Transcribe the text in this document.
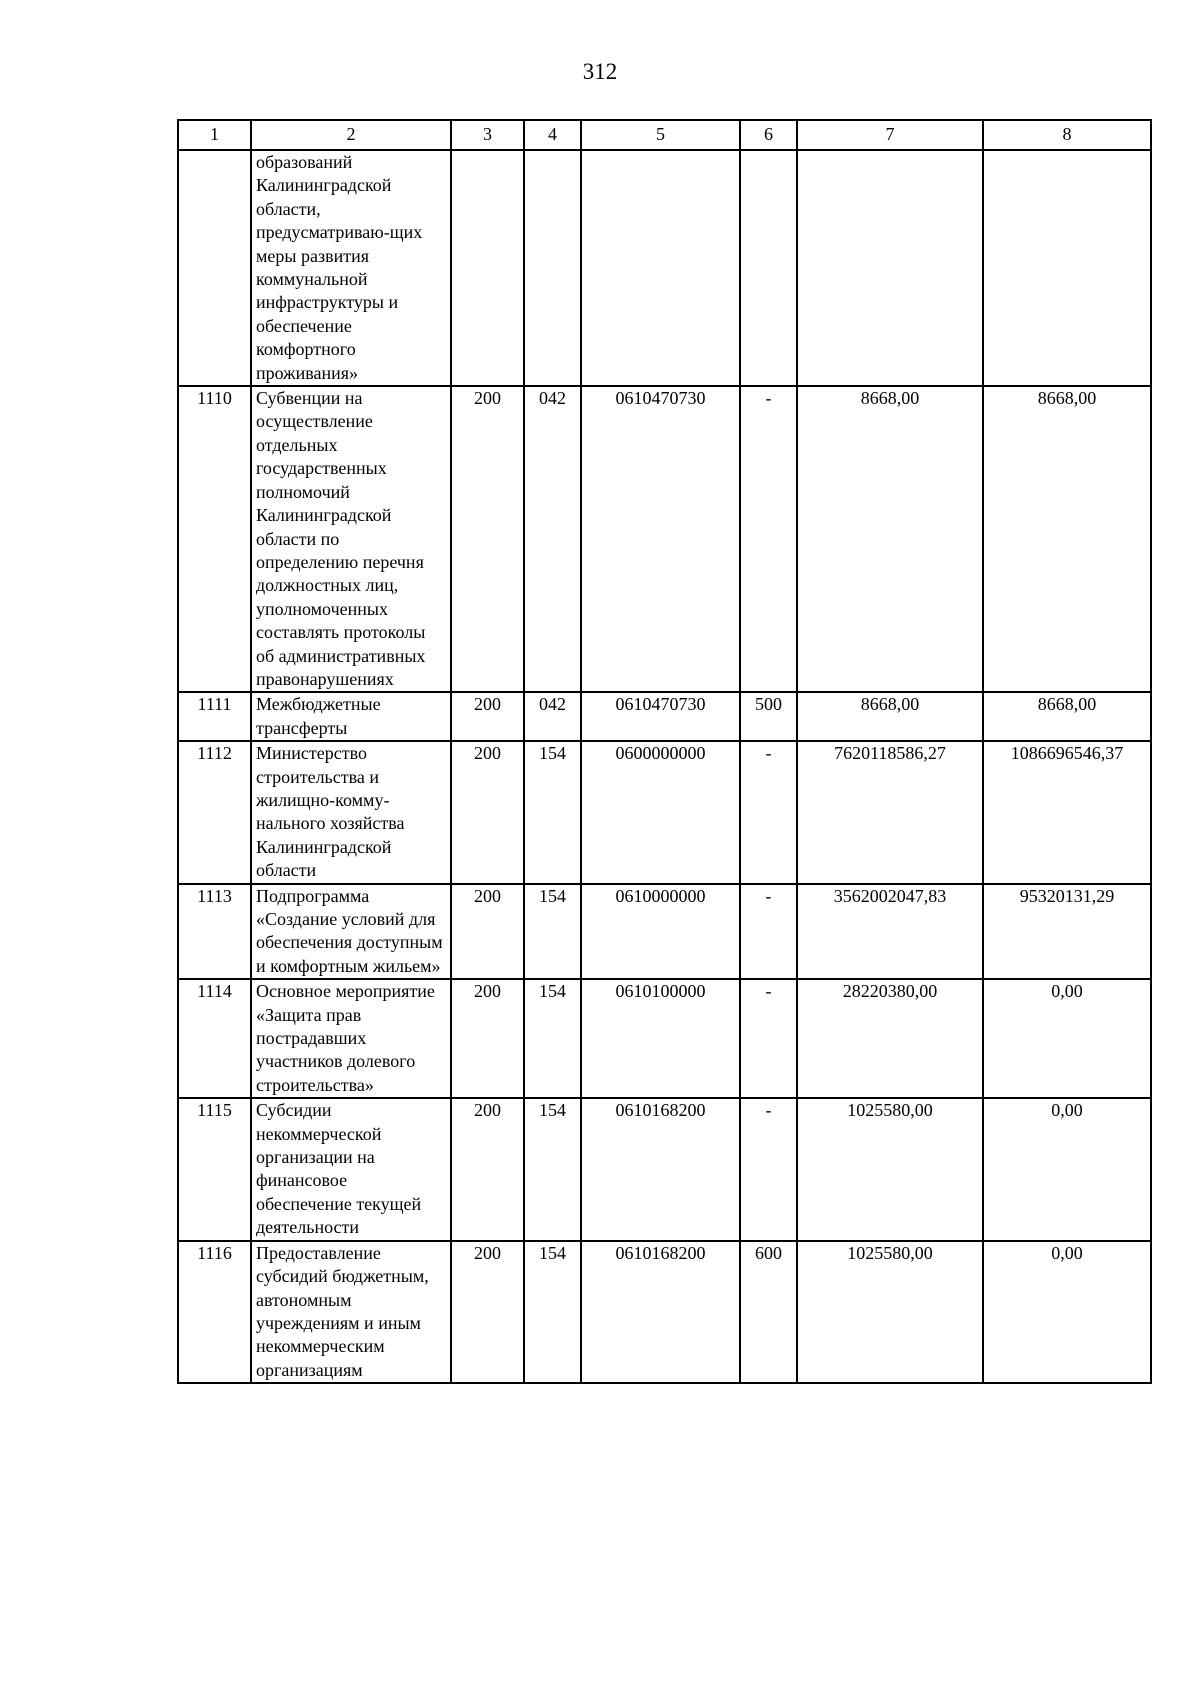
312
1	2	3	4	5	6	7	8
	образований Калининградской области, предусматриваю-щих меры развития коммунальной инфраструктуры и обеспечение комфортного проживания»						
1110	Субвенции на осуществление отдельных государственных полномочий Калининградской области по определению перечня должностных лиц, уполномоченных составлять протоколы об административных правонарушениях	200	042	0610470730	-	8668,00	8668,00
1111	Межбюджетные трансферты	200	042	0610470730	500	8668,00	8668,00
1112	Министерство строительства и жилищно-комму-нального хозяйства Калининградской области	200	154	0600000000	-	7620118586,27	1086696546,37
1113	Подпрограмма «Создание условий для обеспечения доступным и комфортным жильем»	200	154	0610000000	-	3562002047,83	95320131,29
1114	Основное мероприятие «Защита прав пострадавших участников долевого строительства»	200	154	0610100000	-	28220380,00	0,00
1115	Субсидии некоммерческой организации на финансовое обеспечение текущей деятельности	200	154	0610168200	-	1025580,00	0,00
1116	Предоставление субсидий бюджетным, автономным учреждениям и иным некоммерческим организациям	200	154	0610168200	600	1025580,00	0,00
